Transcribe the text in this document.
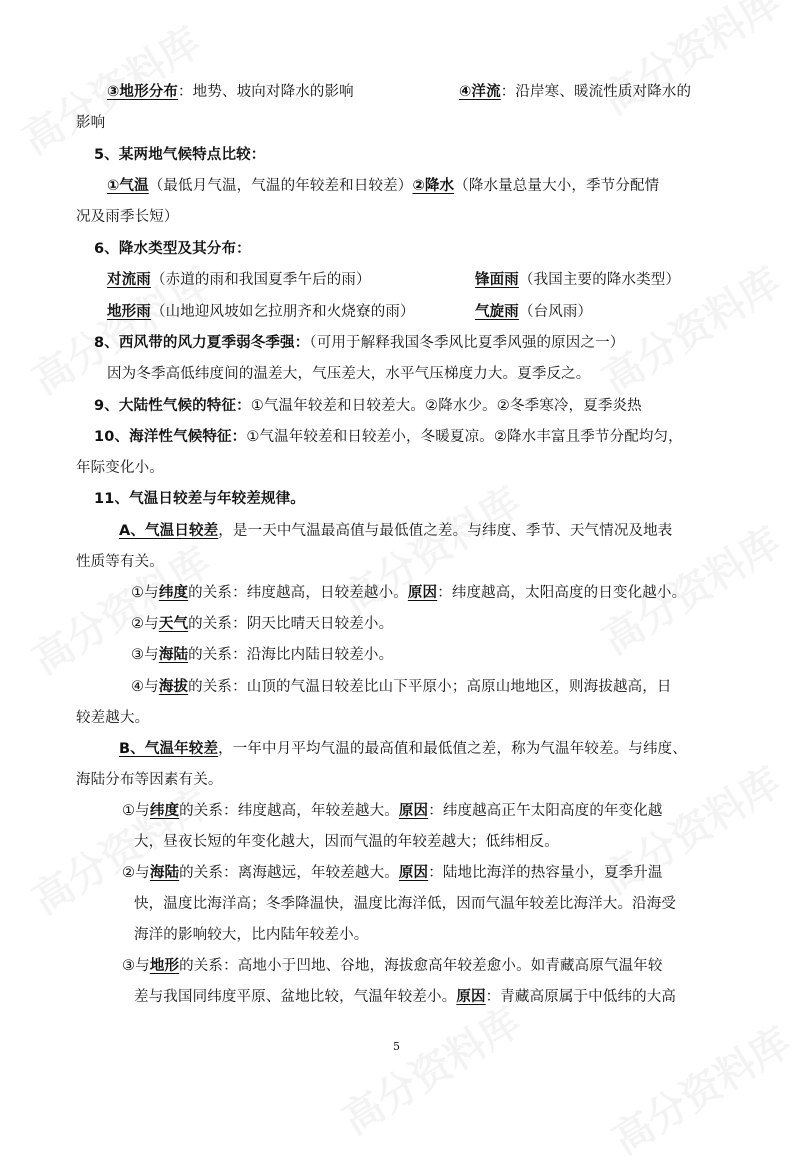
③地形分布：地势、坡向对降水的影响	④洋流：沿岸寒、暖流性质对降水的
影响
5、某两地气候特点比较：
①气温（最低月气温，气温的年较差和日较差）②降水（降水量总量大小，季节分配情
况及雨季长短）
6、降水类型及其分布：
对流雨（赤道的雨和我国夏季午后的雨）	锋面雨（我国主要的降水类型）
地形雨（山地迎风坡如乞拉朋齐和火烧寮的雨）	气旋雨（台风雨）
8、西风带的风力夏季弱冬季强：（可用于解释我国冬季风比夏季风强的原因之一）
因为冬季高低纬度间的温差大，气压差大，水平气压梯度力大。夏季反之。
9、大陆性气候的特征：①气温年较差和日较差大。②降水少。②冬季寒冷，夏季炎热
10、海洋性气候特征：①气温年较差和日较差小，冬暖夏凉。②降水丰富且季节分配均匀，
年际变化小。
11、气温日较差与年较差规律。
A、气温日较差，是一天中气温最高值与最低值之差。与纬度、季节、天气情况及地表
性质等有关。
①与纬度的关系：纬度越高，日较差越小。原因：纬度越高，太阳高度的日变化越小。
②与天气的关系：阴天比晴天日较差小。
③与海陆的关系：沿海比内陆日较差小。
④与海拔的关系：山顶的气温日较差比山下平原小；高原山地地区，则海拔越高，日
较差越大。
B、气温年较差，一年中月平均气温的最高值和最低值之差，称为气温年较差。与纬度、
海陆分布等因素有关。
①与纬度的关系：纬度越高，年较差越大。原因：纬度越高正午太阳高度的年变化越
大，昼夜长短的年变化越大，因而气温的年较差越大；低纬相反。
②与海陆的关系：离海越远，年较差越大。原因：陆地比海洋的热容量小，夏季升温
快，温度比海洋高；冬季降温快，温度比海洋低，因而气温年较差比海洋大。沿海受
海洋的影响较大，比内陆年较差小。
③与地形的关系：高地小于凹地、谷地，海拔愈高年较差愈小。如青藏高原气温年较
差与我国同纬度平原、盆地比较，气温年较差小。原因：青藏高原属于中低纬的大高
5
